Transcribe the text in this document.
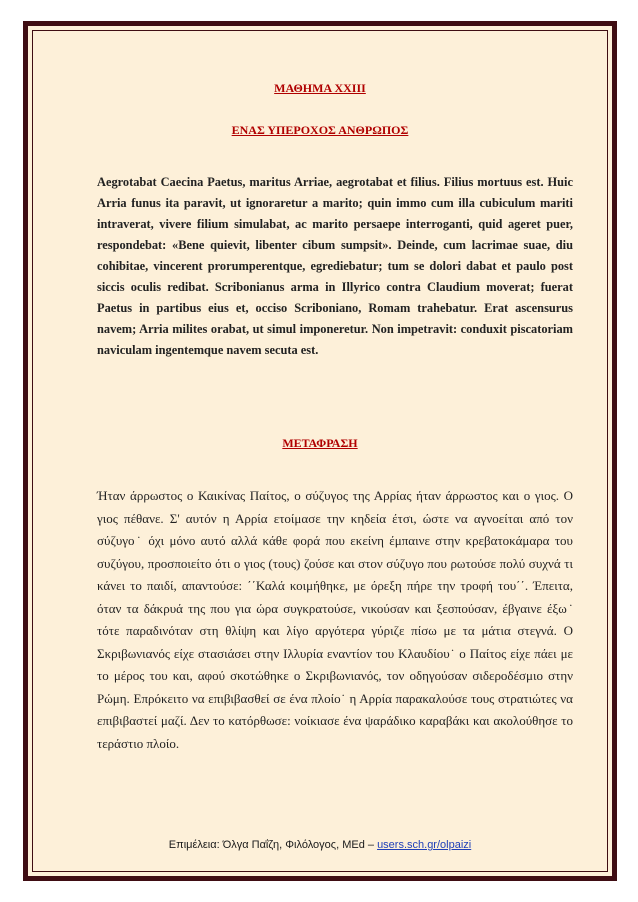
ΜΑΘΗΜΑ XXIII
ΕΝΑΣ ΥΠΕΡΟΧΟΣ ΑΝΘΡΩΠΟΣ
Aegrotabat Caecina Paetus, maritus Arriae, aegrotabat et filius. Filius mortuus est. Huic Arria funus ita paravit, ut ignoraretur a marito; quin immo cum illa cubiculum mariti intraverat, vivere filium simulabat, ac marito persaepe interroganti, quid ageret puer, respondebat: «Bene quievit, libenter cibum sumpsit». Deinde, cum lacrimae suae, diu cohibitae, vincerent prorumperentque, egrediebatur; tum se dolori dabat et paulo post siccis oculis redibat. Scribonianus arma in Illyrico contra Claudium moverat; fuerat Paetus in partibus eius et, occiso Scriboniano, Romam trahebatur. Erat ascensurus navem; Arria milites orabat, ut simul imponeretur. Non impetravit: conduxit piscatoriam naviculam ingentemque navem secuta est.
ΜΕΤΑΦΡΑΣΗ
Ήταν άρρωστος ο Καικίνας Παίτος, ο σύζυγος της Αρρίας ήταν άρρωστος και ο γιος. Ο γιος πέθανε. Σ' αυτόν η Αρρία ετοίμασε την κηδεία έτσι, ώστε να αγνοείται από τον σύζυγο˙ όχι μόνο αυτό αλλά κάθε φορά που εκείνη έμπαινε στην κρεβατοκάμαρα του συζύγου, προσποιείτο ότι ο γιος (τους) ζούσε και στον σύζυγο που ρωτούσε πολύ συχνά τι κάνει το παιδί, απαντούσε: ΄΄Καλά κοιμήθηκε, με όρεξη πήρε την τροφή του΄΄. Έπειτα, όταν τα δάκρυά της που για ώρα συγκρατούσε, νικούσαν και ξεσπούσαν, έβγαινε έξω˙ τότε παραδινόταν στη θλίψη και λίγο αργότερα γύριζε πίσω με τα μάτια στεγνά. Ο Σκριβωνιανός είχε στασιάσει στην Ιλλυρία εναντίον του Κλαυδίου˙ ο Παίτος είχε πάει με το μέρος του και, αφού σκοτώθηκε ο Σκριβωνιανός, τον οδηγούσαν σιδεροδέσμιο στην Ρώμη. Επρόκειτο να επιβιβασθεί σε ένα πλοίο˙ η Αρρία παρακαλούσε τους στρατιώτες να επιβιβαστεί μαζί. Δεν το κατόρθωσε: νοίκιασε ένα ψαράδικο καραβάκι και ακολούθησε το τεράστιο πλοίο.
Επιμέλεια: Όλγα Παΐζη, Φιλόλογος, MEd – users.sch.gr/olpaizi
